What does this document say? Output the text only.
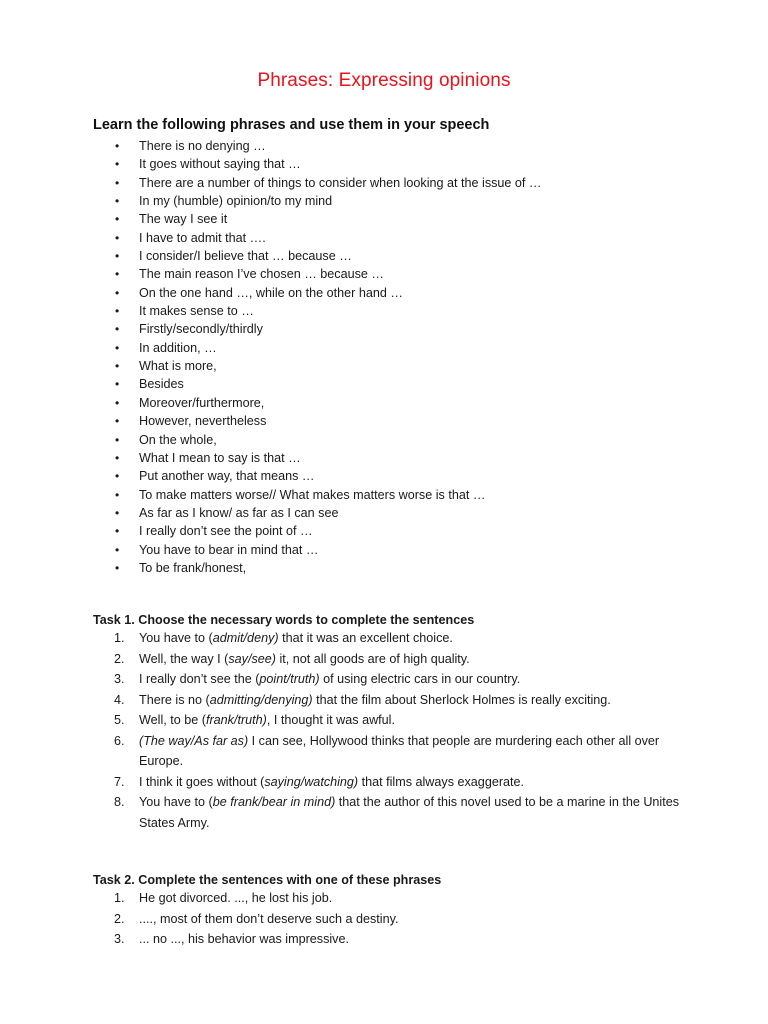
Phrases: Expressing opinions
Learn the following phrases and use them in your speech
• There is no denying …
• It goes without saying that …
• There are a number of things to consider when looking at the issue of …
• In my (humble) opinion/to my mind
• The way I see it
• I have to admit that ….
• I consider/I believe that … because …
• The main reason I’ve chosen … because …
• On the one hand …, while on the other hand …
• It makes sense to …
• Firstly/secondly/thirdly
• In addition, …
• What is more,
• Besides
• Moreover/furthermore,
• However, nevertheless
• On the whole,
• What I mean to say is that …
• Put another way, that means …
• To make matters worse// What makes matters worse is that …
• As far as I know/ as far as I can see
• I really don’t see the point of …
• You have to bear in mind that …
• To be frank/honest,
Task 1. Choose the necessary words to complete the sentences
1. You have to (admit/deny) that it was an excellent choice.
2. Well, the way I (say/see) it, not all goods are of high quality.
3. I really don’t see the (point/truth) of using electric cars in our country.
4. There is no (admitting/denying) that the film about Sherlock Holmes is really exciting.
5. Well, to be (frank/truth), I thought it was awful.
6. (The way/As far as) I can see, Hollywood thinks that people are murdering each other all over Europe.
7. I think it goes without (saying/watching) that films always exaggerate.
8. You have to (be frank/bear in mind) that the author of this novel used to be a marine in the Unites States Army.
Task 2. Complete the sentences with one of these phrases
1. He got divorced. ..., he lost his job.
2. ...., most of them don’t deserve such a destiny.
3. ... no ..., his behavior was impressive.
